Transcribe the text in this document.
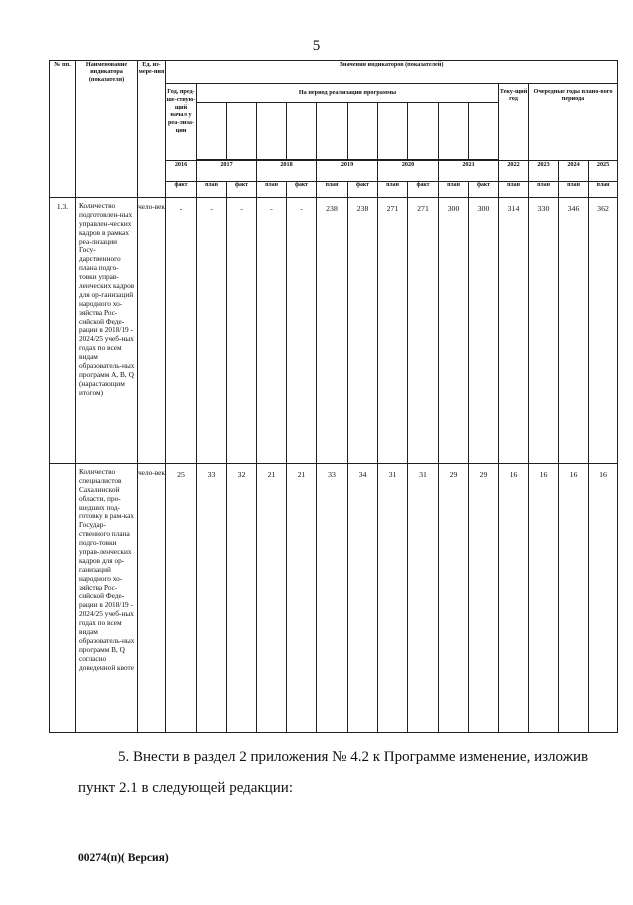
5
№ пп.	Наименование индикатора (показателя)	Ед. из-мере-ния	Значения индикаторов (показателей)														
			Год, пред-ше-ствую-щий начал у реа-лиза-ции	На период реализации программы										Теку-щий год	Очередные годы плано-вого периода		

			2016	2017		2018		2019		2020		2021		2022	2023	2024	2025
			факт	план	факт	план	факт	план	факт	план	факт	план	факт	план	план	план	план
1.3.	Количество подготовлен-ных управлен-ческих кадров в рамках реа-лизации Госу-дарственного плана подго-товки управ-ленческих кадров для ор-ганизаций народного хо-зяйства Рос-сийской Феде-рации в 2018/19 - 2024/25 учеб-ных годах по всем видам образователь-ных программ A, B, Q (нарастающим итогом)	чело-век	-	-	-	-	-	238	238	271	271	300	300	314	330	346	362
	Количество специалистов Сахалинской области, про-шедших под-готовку в рам-ках Государ-ственного плана подго-товки управ-ленческих кадров для ор-ганизаций народного хо-зяйства Рос-сийской Феде-рации в 2018/19 - 2024/25 учеб-ных годах по всем видам образователь-ных программ B, Q согласно доведенной квоте	чело-век	25	33	32	21	21	33	34	31	31	29	29	16	16	16	16
5. Внести в раздел 2 приложения № 4.2 к Программе изменение, изложив
пункт 2.1 в следующей редакции:
00274(п)( Версия)
